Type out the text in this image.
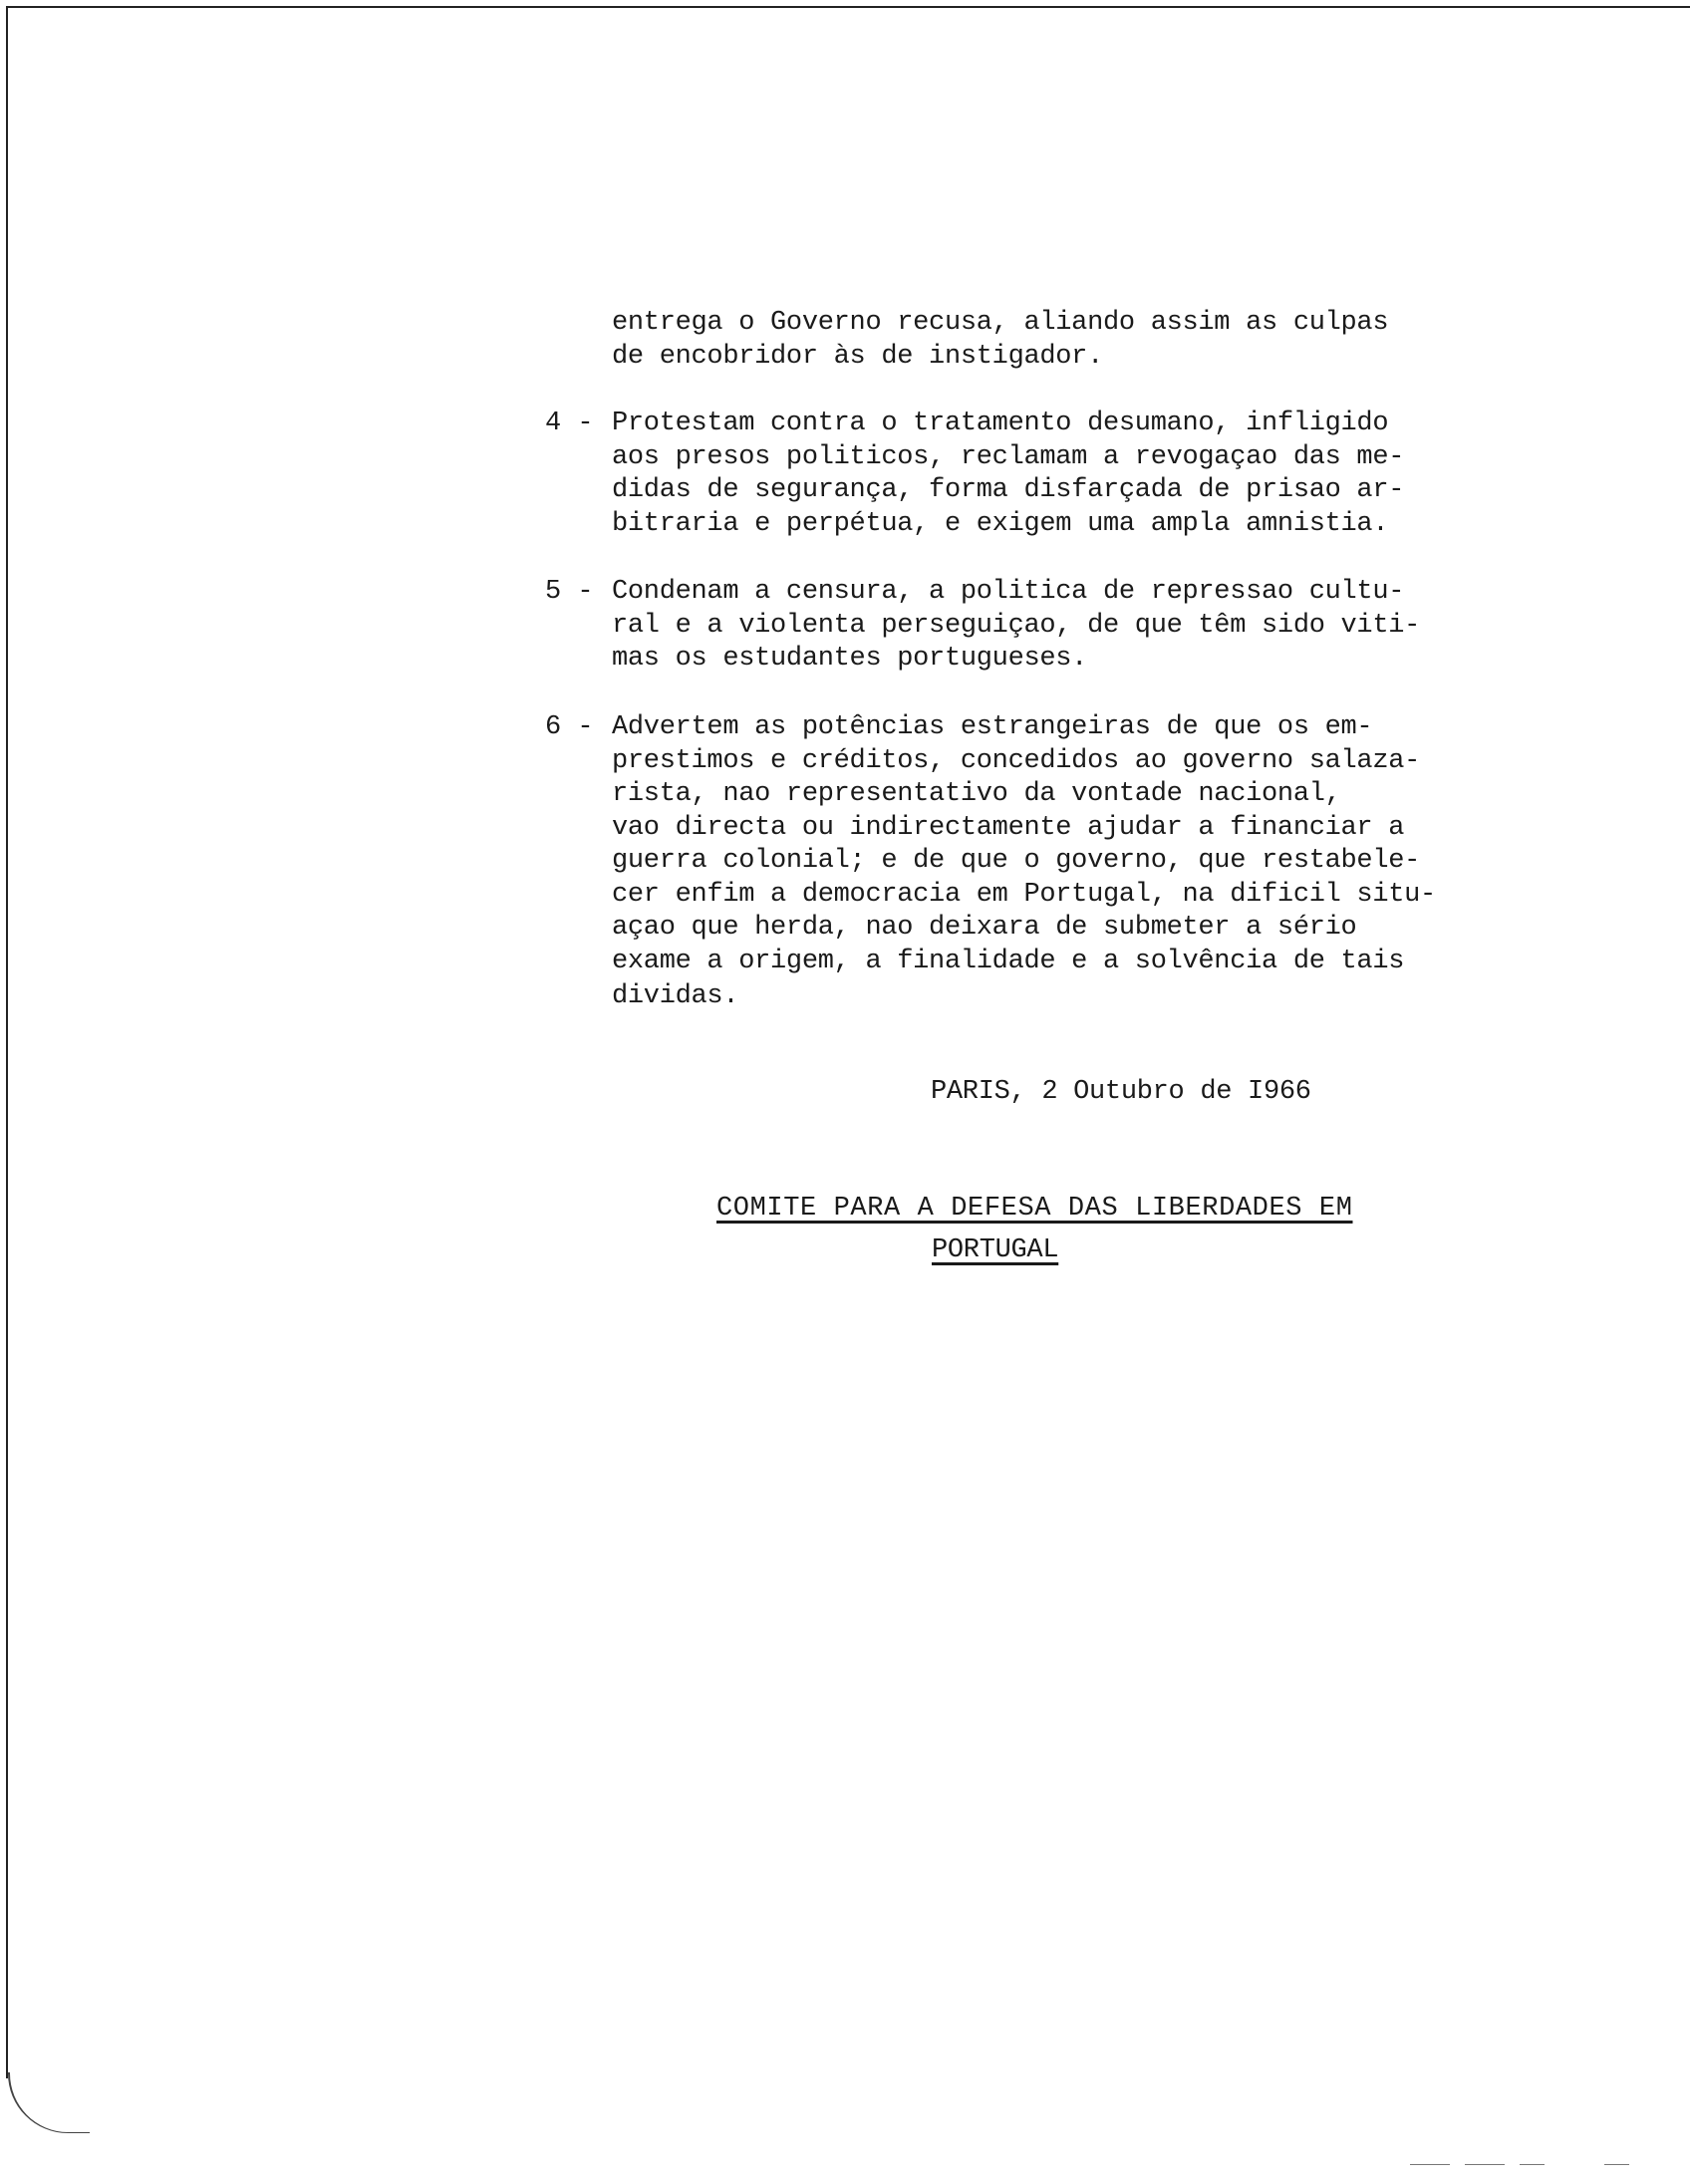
entrega o Governo recusa, aliando assim as culpas
de encobridor às de instigador.
4 - Protestam contra o tratamento desumano, infligido
aos presos politicos, reclamam a revogaçao das me-
didas de segurança, forma disfarçada de prisao ar-
bitraria e perpétua, e exigem uma ampla amnistia.
5 - Condenam a censura, a politica de repressao cultu-
ral e a violenta perseguiçao, de que têm sido viti-
mas os estudantes portugueses.
6 - Advertem as potências estrangeiras de que os em-
prestimos e créditos, concedidos ao governo salaza-
rista, nao representativo da vontade nacional,
vao directa ou indirectamente ajudar a financiar a
guerra colonial; e de que o governo, que restabele-
cer enfim a democracia em Portugal, na dificil situ-
açao que herda, nao deixara de submeter a sério
exame a origem, a finalidade e a solvência de tais
dividas.
PARIS, 2 Outubro de I966
COMITE PARA A DEFESA DAS LIBERDADES EM
PORTUGAL
